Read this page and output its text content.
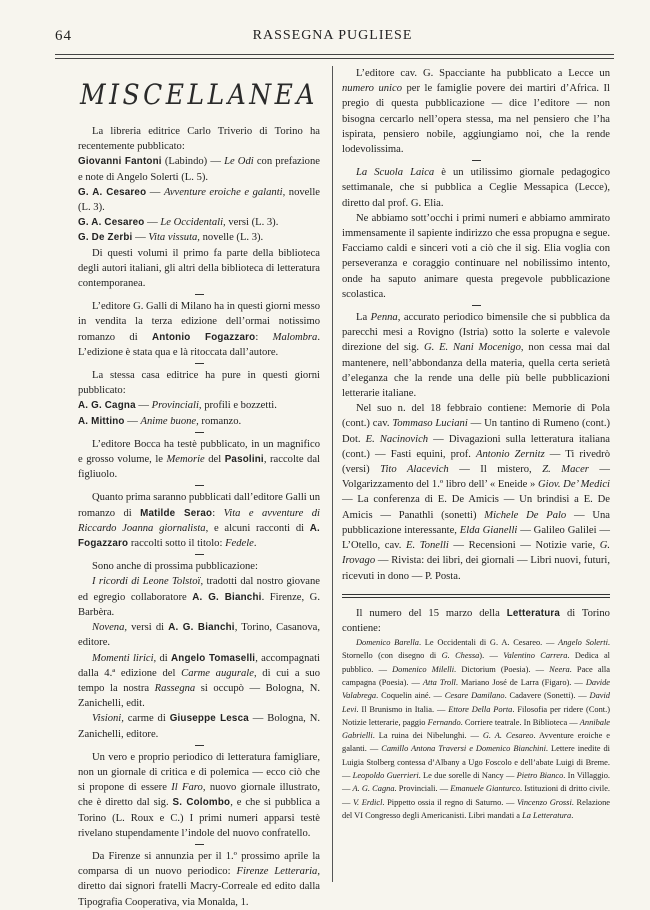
64	RASSEGNA PUGLIESE
MISCELLANEA

La libreria editrice Carlo Triverio di Torino ha recentemente pubblicato:

Giovanni Fantoni (Labindo) — Le Odi con prefazione e note di Angelo Solerti (L. 5).

G. A. Cesareo — Avventure eroiche e galanti, novelle (L. 3).

G. A. Cesareo — Le Occidentali, versi (L. 3).

G. De Zerbi — Vita vissuta, novelle (L. 3).

Di questi volumi il primo fa parte della biblioteca degli autori italiani, gli altri della biblioteca di letteratura contemporanea.

L’editore G. Galli di Milano ha in questi giorni messo in vendita la terza edizione dell’ormai notissimo romanzo di Antonio Fogazzaro: Malombra. L’edizione è stata qua e là ritoccata dall’autore.

La stessa casa editrice ha pure in questi giorni pubblicato:

A. G. Cagna — Provinciali, profili e bozzetti.

A. Mittino — Anime buone, romanzo.

L’editore Bocca ha testè pubblicato, in un magnifico e grosso volume, le Memorie del Pasolini, raccolte dal figliuolo.

Quanto prima saranno pubblicati dall’editore Galli un romanzo di Matilde Serao: Vita e avventure di Riccardo Joanna giornalista, e alcuni racconti di A. Fogazzaro raccolti sotto il titolo: Fedele.

Sono anche di prossima pubblicazione:

I ricordi di Leone Tolstoï, tradotti dal nostro giovane ed egregio collaboratore A. G. Bianchi. Firenze, G. Barbèra.

Novena, versi di A. G. Bianchi, Torino, Casanova, editore.

Momenti lirici, di Angelo Tomaselli, accompagnati dalla 4.ª edizione del Carme augurale, di cui a suo tempo la nostra Rassegna si occupò — Bologna, N. Zanichelli, edit.

Visioni, carme di Giuseppe Lesca — Bologna, N. Zanichelli, editore.

Un vero e proprio periodico di letteratura famigliare, non un giornale di critica e di polemica — ecco ciò che si propone di essere Il Faro, nuovo giornale illustrato, che è diretto dal sig. S. Colombo, e che si pubblica a Torino (L. Roux e C.) I primi numeri apparsi testè rivelano stupendamente l’indole del nuovo confratello.

Da Firenze si annunzia per il 1.º prossimo aprile la comparsa di un nuovo periodico: Firenze Letteraria, diretto dai signori fratelli Macry-Correale ed edito dalla Tipografia Cooperativa, via Monalda, 1.

L’editore cav. G. Spacciante ha pubblicato a Lecce un numero unico per le famiglie povere dei martiri d’Africa. Il pregio di questa pubblicazione — dice l’editore — non bisogna cercarlo nell’opera stessa, ma nel pensiero che l’ha ispirata, pensiero nobile, aggiungiamo noi, che la rende lodevolissima.

La Scuola Laica è un utilissimo giornale pedagogico settimanale, che si pubblica a Ceglie Messapica (Lecce), diretto dal prof. G. Elia.

Ne abbiamo sott’occhi i primi numeri e abbiamo ammirato immensamente il sapiente indirizzo che essa propugna e segue. Facciamo caldi e sinceri voti a ciò che il sig. Elia voglia con perseveranza e coraggio continuare nel nobilissimo intento, onde ha saputo animare questa pregevole pubblicazione scolastica.

La Penna, accurato periodico bimensile che si pubblica da parecchi mesi a Rovigno (Istria) sotto la solerte e valevole direzione del sig. G. E. Nani Mocenigo, non cessa mai dal mantenere, nell’abbondanza della materia, quella certa serietà d’eleganza che la rende una delle più belle pubblicazioni letterarie italiane.

Nel suo n. del 18 febbraio contiene: Memorie di Pola (cont.) cav. Tommaso Luciani — Un tantino di Rumeno (cont.) Dot. E. Nacinovich — Divagazioni sulla letteratura italiana (cont.) — Fasti equini, prof. Antonio Zernitz — Ti rivedrò (versi) Tito Alacevich — Il mistero, Z. Macer — Volgarizzamento del 1.º libro dell’ « Eneide » Giov. De’ Medici — La conferenza di E. De Amicis — Un brindisi a E. De Amicis — Panathli (sonetti) Michele De Palo — Una pubblicazione interessante, Elda Gianelli — Galileo Galilei — L’Otello, cav. E. Tonelli — Recensioni — Notizie varie, G. Irovago — Rivista: dei libri, dei giornali — Libri nuovi, futuri, ricevuti in dono — P. Posta.

Il numero del 15 marzo della Letteratura di Torino contiene:

Domenico Barella. Le Occidentali di G. A. Cesareo. — Angelo Solerti. Stornello (con disegno di G. Chessa). — Valentino Carrera. Dedica al pubblico. — Domenico Milelli. Dictorium (Poesia). — Neera. Pace alla campagna (Poesia). — Atta Troll. Mariano José de Larra (Figaro). — Davide Valabrega. Coquelin ainé. — Cesare Damilano. Cadavere (Sonetti). — David Levi. Il Brunismo in Italia. — Ettore Della Porta. Filosofia per ridere (Cont.) Notizie letterarie, paggio Fernando. Corriere teatrale. In Biblioteca — Annibale Gabrielli. La ruina dei Nibelunghi. — G. A. Cesareo. Avventure eroiche e galanti. — Camillo Antona Traversi e Domenico Bianchini. Lettere inedite di Luigia Stolberg contessa d’Albany a Ugo Foscolo e dell’abate Luigi di Breme. — Leopoldo Guerrieri. Le due sorelle di Nancy — Pietro Bianco. In Villaggio. — A. G. Cagna. Provinciali. — Emanuele Gianturco. Istituzioni di dritto civile. — V. Erdicl. Pippetto ossia il regno di Saturno. — Vincenzo Grossi. Relazione del VI Congresso degli Americanisti. Libri mandati a La Letteratura.
